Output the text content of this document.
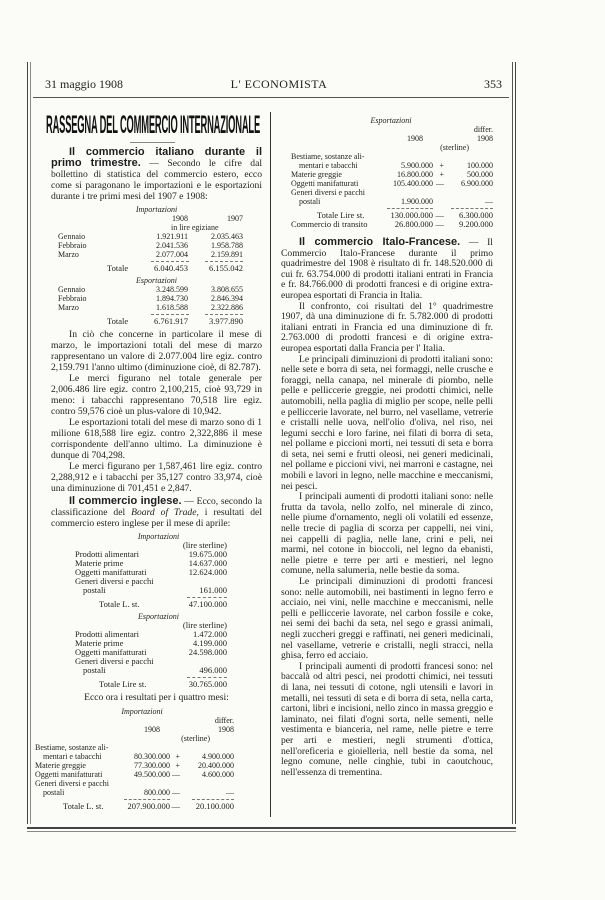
31 maggio 1908	L' ECONOMISTA	353
RASSEGNA DEL COMMERCIO INTERNAZIONALE

Il commercio italiano durante il primo trimestre. — Secondo le cifre dal bollettino di statistica del commercio estero, ecco come si paragonano le importazioni e le esportazioni durante i tre primi mesi del 1907 e 1908:

Importazioni
1908	1907
in lire egiziane
Gennaio	1.921.911	2.035.463
Febbraio	2.041.536	1.958.788
Marzo	2.077.004	2.159.891
Totale	6.040.453 6.155.042
Esportazioni
Gennaio	3.248.599	3.808.655
Febbraio	1.894.730	2.846.394
Marzo	1.618.588	2.322.886
Totale	6.761.917 3.977.890

In ciò che concerne in particolare il mese di marzo, le importazioni totali del mese di marzo rappresentano un valore di 2.077.004 lire egiz. contro 2,159.791 l'anno ultimo (diminuzione cioè, di 82.787).

Le merci figurano nel totale generale per 2,006.486 lire egiz. contro 2,100,215, cioè 93,729 in meno: i tabacchi rappresentano 70,518 lire egiz. contro 59,576 cioè un plus-valore di 10,942.

Le esportazioni totali del mese di marzo sono di 1 milione 618,588 lire egiz. contro 2,322,886 il mese corrispondente dell'anno ultimo. La diminuzione è dunque di 704,298.

Le merci figurano per 1,587,461 lire egiz. contro 2,288,912 e i tabacchi per 35,127 contro 33,974, cioè una diminuzione di 701,451 e 2,847.

Il commercio inglese. — Ecco, secondo la classificazione del Board of Trade, i resultati del commercio estero inglese per il mese di aprile:

Importazioni
(lire sterline)
Prodotti alimentari	19.675.000
Materie prime	14.637.000
Oggetti manifatturati	12.624.000
Generi diversi e pacchi
postali	161.000
Totale L. st.	47.100.000
Esportazioni
(lire sterline)
Prodotti alimentari	1.472.000
Materie prime	4.199.000
Oggetti manifatturati	24.598.000
Generi diversi e pacchi
postali	496.000
Totale Lire st.	30.765.000
Ecco ora i resultati per i quattro mesi:
Importazioni
differ.
1908	1908
(sterline)
Bestiame, sostanze ali-
mentari e tabacchi	80.300.000 +	4.900.000
Materie greggie	77.300.000 + 20.400.000
Oggetti manifatturati	49.500.000 —	4.600.000
Generi diversi e pacchi
postali	800.000 —	—
Totale L. st.	207.900.000 — 20.100.000
Esportazioni
differ.
1908	1908
(sterline)
Bestiame, sostanze ali-
mentari e tabacchi	5.900.000 +	100.000
Materie greggie	16.800.000 +	500.000
Oggetti manifatturati	105.400.000 — 6.900.000
Generi diversi e pacchi
postali	1.900.000	—
Totale Lire st.	130.000.000 — 6.300.000
Commercio di transito	26.800.000 — 9.200.000

Il commercio Italo-Francese. — Il Commercio Italo-Francese durante il primo quadrimestre del 1908 è risultato di fr. 148.520.000 di cui fr. 63.754.000 di prodotti italiani entrati in Francia e fr. 84.766.000 di prodotti francesi e di origine extra-europea esportati di Francia in Italia.

Il confronto, coi risultati del 1° quadrimestre 1907, dà una diminuzione di fr. 5.782.000 di prodotti italiani entrati in Francia ed una diminuzione di fr. 2.763.000 di prodotti francesi e di origine extra-europea esportati dalla Francia per l' Italia.

Le principali diminuzioni di prodotti italiani sono: nelle sete e borra di seta, nei formaggi, nelle crusche e foraggi, nella canapa, nel minerale di piombo, nelle pelle e pelliccerie greggie, nei prodotti chimici, nelle automobili, nella paglia di miglio per scope, nelle pelli e pelliccerie lavorate, nel burro, nel vasellame, vetrerie e cristalli nelle uova, nell'olio d'oliva, nel riso, nei legumi secchi e loro farine, nei filati di borra di seta, nel pollame e piccioni morti, nei tessuti di seta e borra di seta, nei semi e frutti oleosi, nei generi medicinali, nel pollame e piccioni vivi, nei marroni e castagne, nei mobili e lavori in legno, nelle macchine e meccanismi, nei pesci.

I principali aumenti di prodotti italiani sono: nelle frutta da tavola, nello zolfo, nel minerale di zinco, nelle piume d'ornamento, negli oli volatili ed essenze, nelle trecie di paglia di scorza per cappelli, nei vini, nei cappelli di paglia, nelle lane, crini e peli, nei marmi, nel cotone in bioccoli, nel legno da ebanisti, nelle pietre e terre per arti e mestieri, nel legno comune, nella salumeria, nelle bestie da soma.

Le principali diminuzioni di prodotti francesi sono: nelle automobili, nei bastimenti in legno ferro e acciaio, nei vini, nelle macchine e meccanismi, nelle pelli e pelliccerie lavorate, nel carbon fossile e coke, nei semi dei bachi da seta, nel sego e grassi animali, negli zuccheri greggi e raffinati, nei generi medicinali, nel vasellame, vetrerie e cristalli, negli stracci, nella ghisa, ferro ed acciaio.

I principali aumenti di prodotti francesi sono: nel baccalà od altri pesci, nei prodotti chimici, nei tessuti di lana, nei tessuti di cotone, ngli utensili e lavori in metalli, nei tessuti di seta e di borra di seta, nella carta, cartoni, libri e incisioni, nello zinco in massa greggio e laminato, nei filati d'ogni sorta, nelle sementi, nelle vestimenta e bianceria, nel rame, nelle pietre e terre per arti e mestieri, negli strumenti d'ottica, nell'oreficeria e gioielleria, nell bestie da soma, nel legno comune, nelle cinghie, tubi in caoutchouc, nell'essenza di trementina.
